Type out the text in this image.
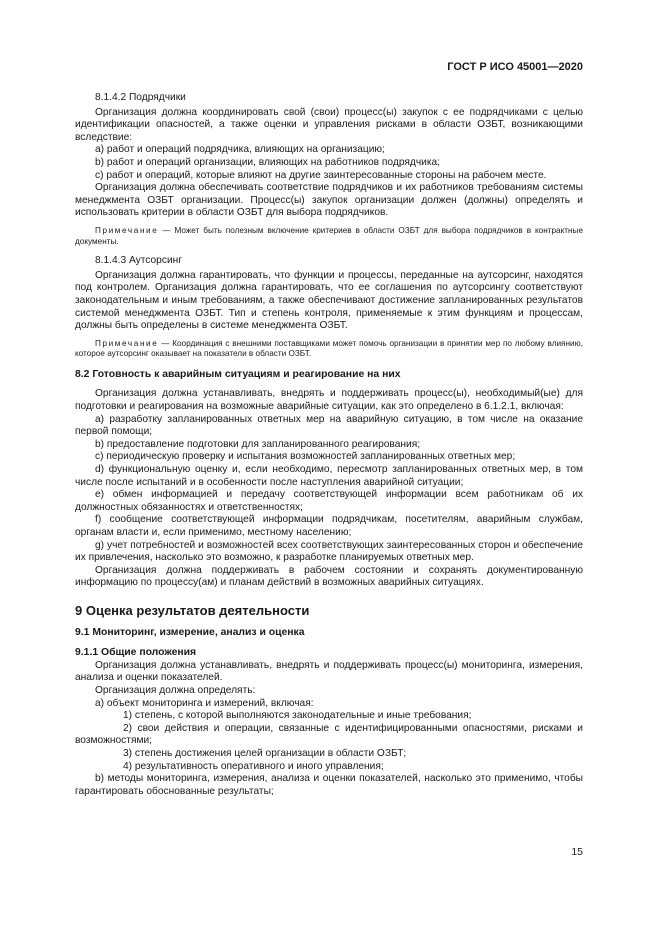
ГОСТ Р ИСО 45001—2020

8.1.4.2 Подрядчики

Организация должна координировать свой (свои) процесс(ы) закупок с ее подрядчиками с целью идентификации опасностей, а также оценки и управления рисками в области ОЗБТ, возникающими вследствие:

a) работ и операций подрядчика, влияющих на организацию;

b) работ и операций организации, влияющих на работников подрядчика;

c) работ и операций, которые влияют на другие заинтересованные стороны на рабочем месте.

Организация должна обеспечивать соответствие подрядчиков и их работников требованиям системы менеджмента ОЗБТ организации. Процесс(ы) закупок организации должен (должны) определять и использовать критерии в области ОЗБТ для выбора подрядчиков.

Примечание — Может быть полезным включение критериев в области ОЗБТ для выбора подрядчиков в контрактные документы.

8.1.4.3 Аутсорсинг

Организация должна гарантировать, что функции и процессы, переданные на аутсорсинг, находятся под контролем. Организация должна гарантировать, что ее соглашения по аутсорсингу соответствуют законодательным и иным требованиям, а также обеспечивают достижение запланированных результатов системой менеджмента ОЗБТ. Тип и степень контроля, применяемые к этим функциям и процессам, должны быть определены в системе менеджмента ОЗБТ.

Примечание — Координация с внешними поставщиками может помочь организации в принятии мер по любому влиянию, которое аутсорсинг оказывает на показатели в области ОЗБТ.

8.2 Готовность к аварийным ситуациям и реагирование на них

Организация должна устанавливать, внедрять и поддерживать процесс(ы), необходимый(ые) для подготовки и реагирования на возможные аварийные ситуации, как это определено в 6.1.2.1, включая:

a) разработку запланированных ответных мер на аварийную ситуацию, в том числе на оказание первой помощи;

b) предоставление подготовки для запланированного реагирования;

c) периодическую проверку и испытания возможностей запланированных ответных мер;

d) функциональную оценку и, если необходимо, пересмотр запланированных ответных мер, в том числе после испытаний и в особенности после наступления аварийной ситуации;

e) обмен информацией и передачу соответствующей информации всем работникам об их должностных обязанностях и ответственностях;

f) сообщение соответствующей информации подрядчикам, посетителям, аварийным службам, органам власти и, если применимо, местному населению;

g) учет потребностей и возможностей всех соответствующих заинтересованных сторон и обеспечение их привлечения, насколько это возможно, к разработке планируемых ответных мер.

Организация должна поддерживать в рабочем состоянии и сохранять документированную информацию по процессу(ам) и планам действий в возможных аварийных ситуациях.

9 Оценка результатов деятельности

9.1 Мониторинг, измерение, анализ и оценка

9.1.1 Общие положения

Организация должна устанавливать, внедрять и поддерживать процесс(ы) мониторинга, измерения, анализа и оценки показателей.

Организация должна определять:

a) объект мониторинга и измерений, включая:

1) степень, с которой выполняются законодательные и иные требования;

2) свои действия и операции, связанные с идентифицированными опасностями, рисками и возможностями;

3) степень достижения целей организации в области ОЗБТ;

4) результативность оперативного и иного управления;

b) методы мониторинга, измерения, анализа и оценки показателей, насколько это применимо, чтобы гарантировать обоснованные результаты;

15
